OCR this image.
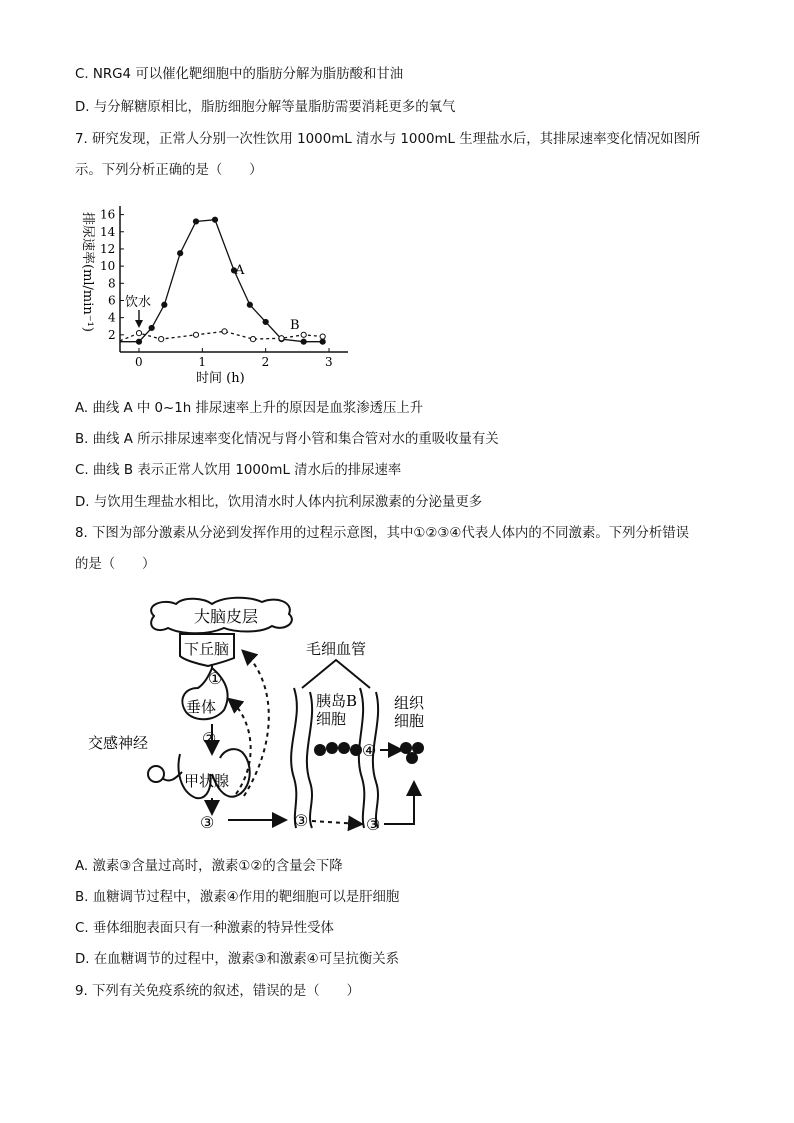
C. NRG4 可以催化靶细胞中的脂肪分解为脂肪酸和甘油
D. 与分解糖原相比，脂肪细胞分解等量脂肪需要消耗更多的氧气
7. 研究发现，正常人分别一次性饮用 1000mL 清水与 1000mL 生理盐水后，其排尿速率变化情况如图所
示。下列分析正确的是（　　）
0	1	2	3
2
4
6
8
10
12
14
16
排尿速率(ml/min⁻¹)
时间 (h)
饮水
A
B
A. 曲线 A 中 0~1h 排尿速率上升的原因是血浆渗透压上升
B. 曲线 A 所示排尿速率变化情况与肾小管和集合管对水的重吸收量有关
C. 曲线 B 表示正常人饮用 1000mL 清水后的排尿速率
D. 与饮用生理盐水相比，饮用清水时人体内抗利尿激素的分泌量更多
8. 下图为部分激素从分泌到发挥作用的过程示意图，其中①②③④代表人体内的不同激素。下列分析错误
的是（　　）
大脑皮层
下丘脑
①
垂体
②
交感神经
甲状腺
③
毛细血管
胰岛B
细胞
④
组织
细胞
③	③
A. 激素③含量过高时，激素①②的含量会下降
B. 血糖调节过程中，激素④作用的靶细胞可以是肝细胞
C. 垂体细胞表面只有一种激素的特异性受体
D. 在血糖调节的过程中，激素③和激素④可呈抗衡关系
9. 下列有关免疫系统的叙述，错误的是（　　）
